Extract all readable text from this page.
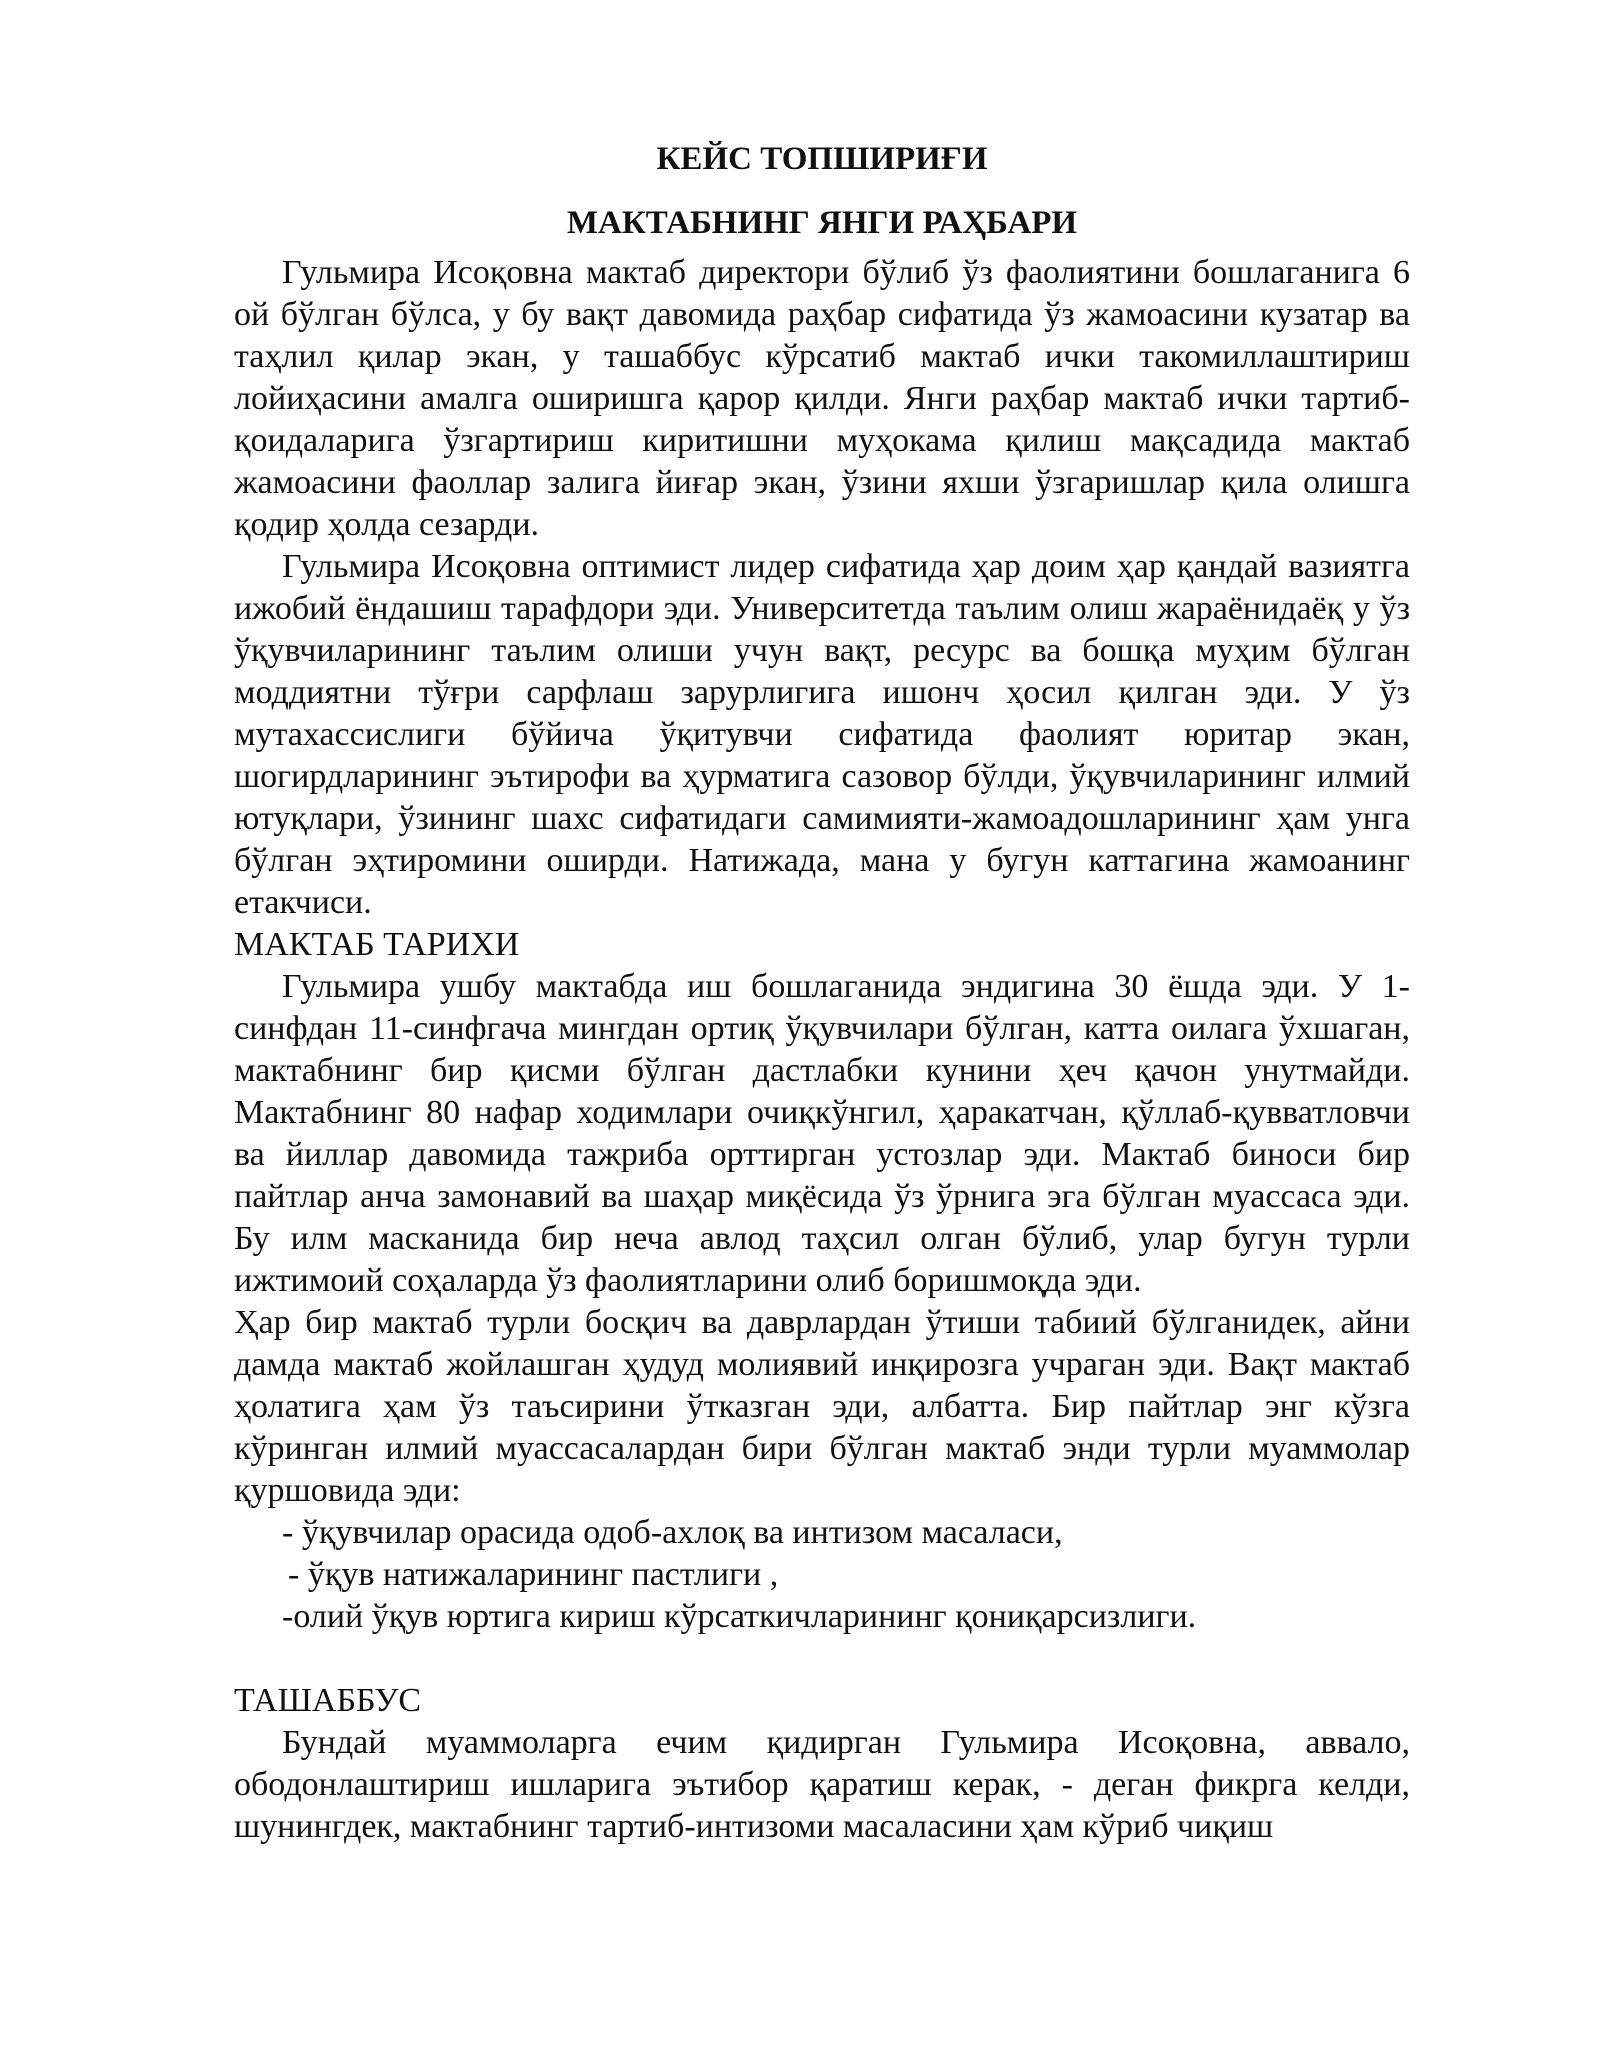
КЕЙС ТОПШИРИҒИ
МАКТАБНИНГ ЯНГИ РАҲБАРИ

Гульмира Исоқовна мактаб директори бўлиб ўз фаолиятини бошлаганига 6 ой бўлган бўлса, у бу вақт давомида раҳбар сифатида ўз жамоасини кузатар ва таҳлил қилар экан, у ташаббус кўрсатиб мактаб ички такомиллаштириш лойиҳасини амалга оширишга қарор қилди. Янги раҳбар мактаб ички тартиб-қоидаларига ўзгартириш киритишни муҳокама қилиш мақсадида мактаб жамоасини фаоллар залига йиғар экан, ўзини яхши ўзгаришлар қила олишга қодир ҳолда сезарди.

Гульмира Исоқовна оптимист лидер сифатида ҳар доим ҳар қандай вазиятга ижобий ёндашиш тарафдори эди. Университетда таълим олиш жараёнидаёқ у ўз ўқувчиларининг таълим олиши учун вақт, ресурс ва бошқа муҳим бўлган моддиятни тўғри сарфлаш зарурлигига ишонч ҳосил қилган эди. У ўз мутахассислиги бўйича ўқитувчи сифатида фаолият юритар экан, шогирдларининг эътирофи ва ҳурматига сазовор бўлди, ўқувчиларининг илмий ютуқлари, ўзининг шахс сифатидаги самимияти-жамоадошларининг ҳам унга бўлган эҳтиромини оширди. Натижада, мана у бугун каттагина жамоанинг етакчиси.

МАКТАБ ТАРИХИ

Гульмира ушбу мактабда иш бошлаганида эндигина 30 ёшда эди. У 1-синфдан 11-синфгача мингдан ортиқ ўқувчилари бўлган, катта оилага ўхшаган, мактабнинг бир қисми бўлган дастлабки кунини ҳеч қачон унутмайди. Мактабнинг 80 нафар ходимлари очиқкўнгил, ҳаракатчан, қўллаб-қувватловчи ва йиллар давомида тажриба орттирган устозлар эди. Мактаб биноси бир пайтлар анча замонавий ва шаҳар миқёсида ўз ўрнига эга бўлган муассаса эди. Бу илм масканида бир неча авлод таҳсил олган бўлиб, улар бугун турли ижтимоий соҳаларда ўз фаолиятларини олиб боришмоқда эди.

Ҳар бир мактаб турли босқич ва даврлардан ўтиши табиий бўлганидек, айни дамда мактаб жойлашган ҳудуд молиявий инқирозга учраган эди. Вақт мактаб ҳолатига ҳам ўз таъсирини ўтказган эди, албатта. Бир пайтлар энг кўзга кўринган илмий муассасалардан бири бўлган мактаб энди турли муаммолар қуршовида эди:

- ўқувчилар орасида одоб-ахлоқ ва интизом масаласи,
- ўқув натижаларининг пастлиги ,
-олий ўқув юртига кириш кўрсаткичларининг қониқарсизлиги.

ТАШАББУС

Бундай муаммоларга ечим қидирган Гульмира Исоқовна, аввало, ободонлаштириш ишларига эътибор қаратиш керак, - деган фикрга келди, шунингдек, мактабнинг тартиб-интизоми масаласини ҳам кўриб чиқиш
